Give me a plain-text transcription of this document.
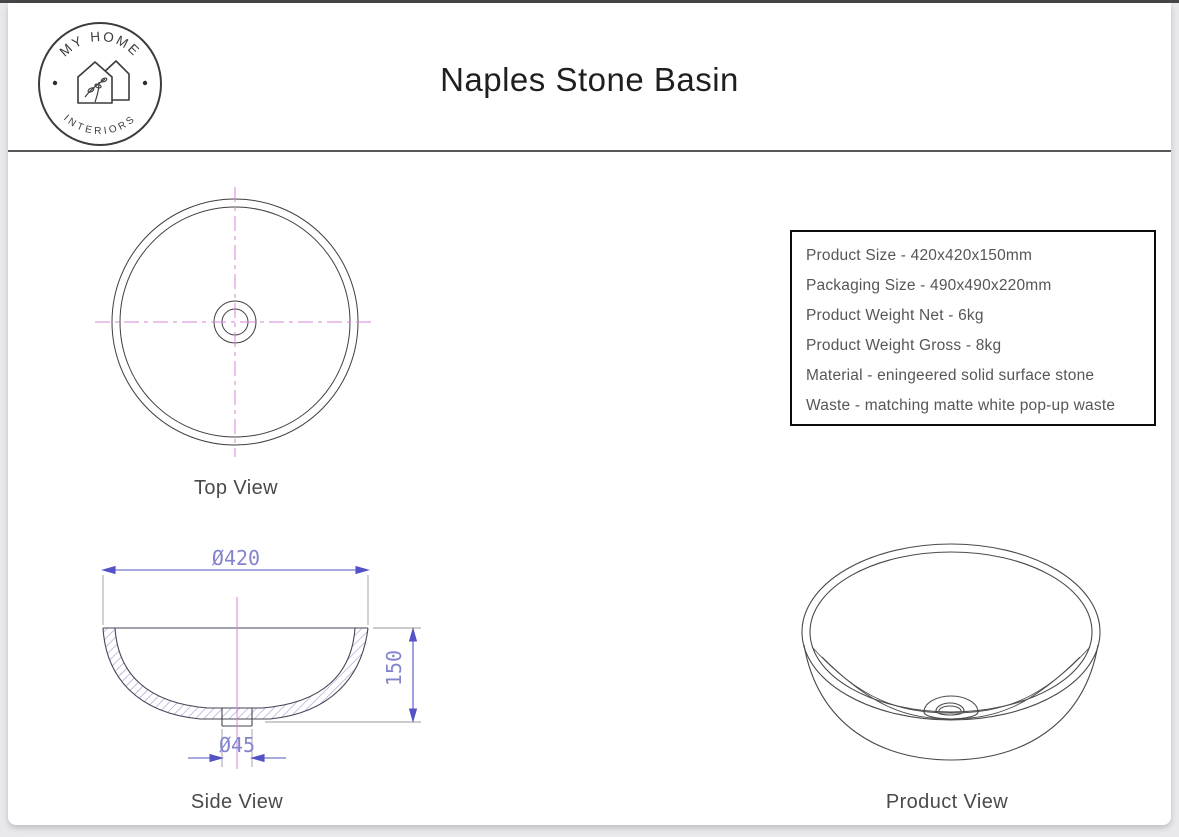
Naples Stone Basin
MY HOME
INTERIORS
Product Size - 420x420x150mm
Packaging Size - 490x490x220mm
Product Weight Net - 6kg
Product Weight Gross - 8kg
Material - eningeered solid surface stone
Waste - matching matte white pop-up waste
Top View
Ø420
150
Ø45
Side View	Product View
